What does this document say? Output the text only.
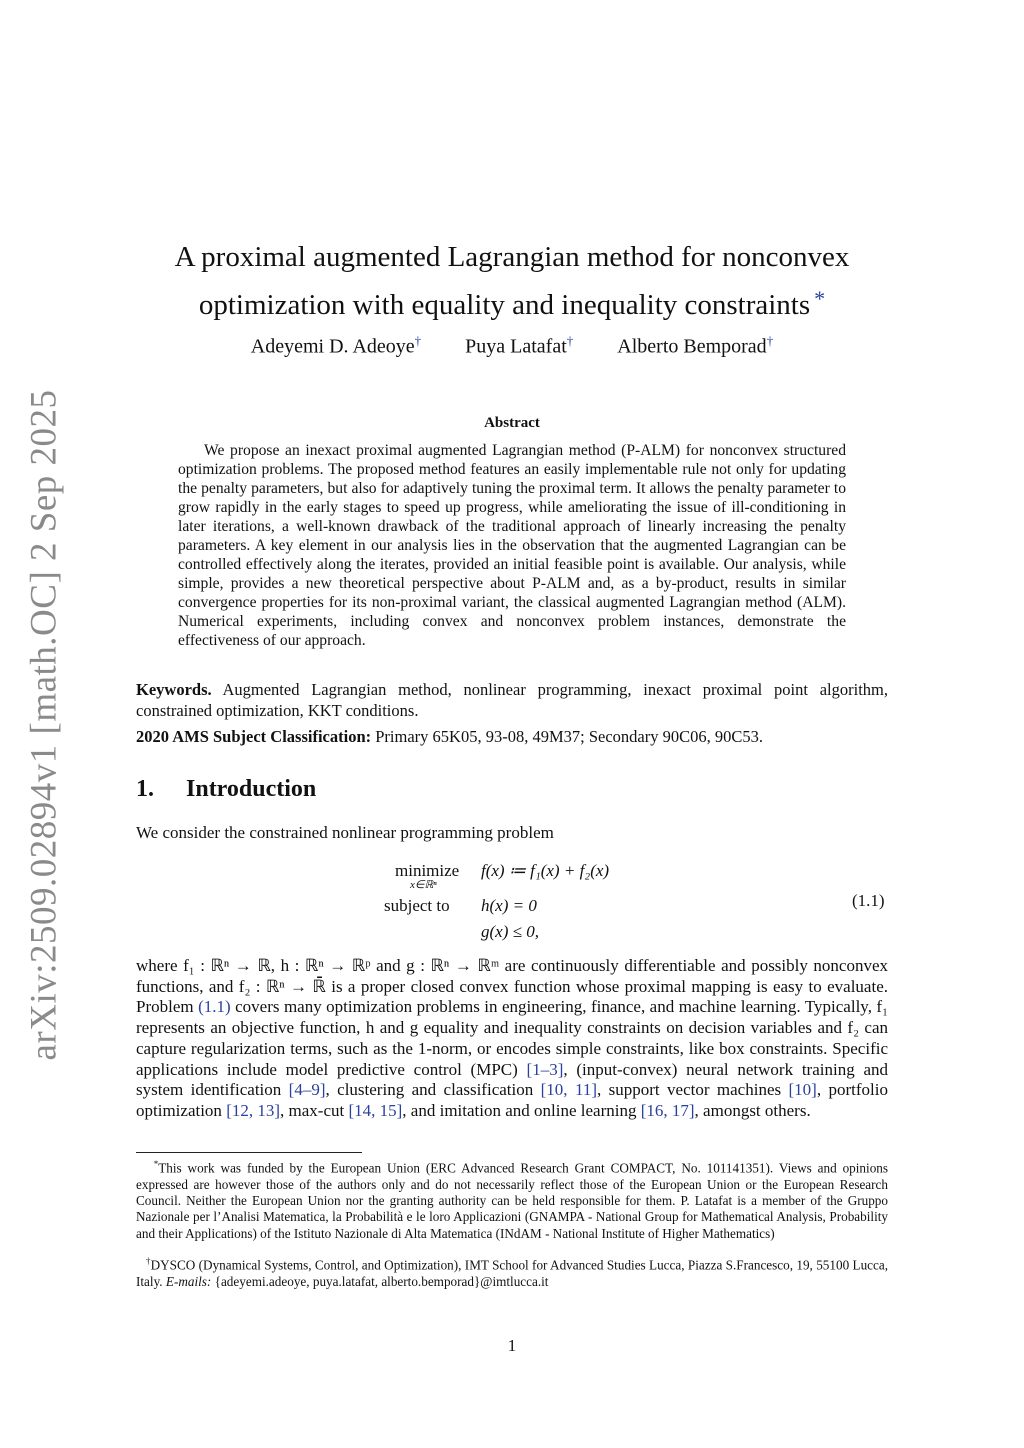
arXiv:2509.02894v1 [math.OC] 2 Sep 2025
A proximal augmented Lagrangian method for nonconvex
optimization with equality and inequality constraints *
Adeyemi D. Adeoye† Puya Latafat† Alberto Bemporad†
Abstract

We propose an inexact proximal augmented Lagrangian method (P-ALM) for nonconvex structured optimization problems. The proposed method features an easily implementable rule not only for updating the penalty parameters, but also for adaptively tuning the proximal term. It allows the penalty parameter to grow rapidly in the early stages to speed up progress, while ameliorating the issue of ill-conditioning in later iterations, a well-known drawback of the traditional approach of linearly increasing the penalty parameters. A key element in our analysis lies in the observation that the augmented Lagrangian can be controlled effectively along the iterates, provided an initial feasible point is available. Our analysis, while simple, provides a new theoretical perspective about P-ALM and, as a by-product, results in similar convergence properties for its non-proximal variant, the classical augmented Lagrangian method (ALM). Numerical experiments, including convex and nonconvex problem instances, demonstrate the effectiveness of our approach.

Keywords. Augmented Lagrangian method, nonlinear programming, inexact proximal point algorithm, constrained optimization, KKT conditions.

2020 AMS Subject Classification: Primary 65K05, 93-08, 49M37; Secondary 90C06, 90C53.

1. Introduction

We consider the constrained nonlinear programming problem

minimize
x∈ℝⁿ
f(x) ≔ f₁(x) + f₂(x)
subject to h(x) = 0
g(x) ≤ 0,
(1.1)

where f₁ : ℝⁿ → ℝ, h : ℝⁿ → ℝᵖ and g : ℝⁿ → ℝᵐ are continuously differentiable and possibly nonconvex functions, and f₂ : ℝⁿ → ℝ̄ is a proper closed convex function whose proximal mapping is easy to evaluate. Problem (1.1) covers many optimization problems in engineering, finance, and machine learning. Typically, f₁ represents an objective function, h and g equality and inequality constraints on decision variables and f₂ can capture regularization terms, such as the 1-norm, or encodes simple constraints, like box constraints. Specific applications include model predictive control (MPC) [1–3], (input-convex) neural network training and system identification [4–9], clustering and classification [10, 11], support vector machines [10], portfolio optimization [12, 13], max-cut [14, 15], and imitation and online learning [16, 17], amongst others.

*This work was funded by the European Union (ERC Advanced Research Grant COMPACT, No. 101141351). Views and opinions expressed are however those of the authors only and do not necessarily reflect those of the European Union or the European Research Council. Neither the European Union nor the granting authority can be held responsible for them. P. Latafat is a member of the Gruppo Nazionale per l’Analisi Matematica, la Probabilità e le loro Applicazioni (GNAMPA - National Group for Mathematical Analysis, Probability and their Applications) of the Istituto Nazionale di Alta Matematica (INdAM - National Institute of Higher Mathematics)

†DYSCO (Dynamical Systems, Control, and Optimization), IMT School for Advanced Studies Lucca, Piazza S.Francesco, 19, 55100 Lucca, Italy. E-mails: {adeyemi.adeoye, puya.latafat, alberto.bemporad}@imtlucca.it

1
